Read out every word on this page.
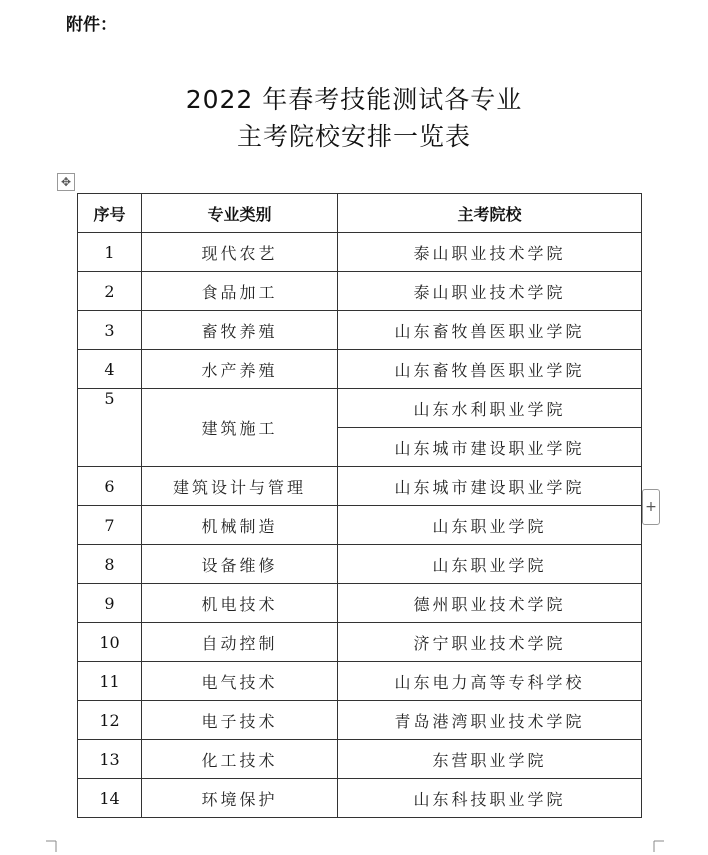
附件：
2022 年春考技能测试各专业
主考院校安排一览表
✥
+
序号	专业类别	主考院校
1	现代农艺	泰山职业技术学院
2	食品加工	泰山职业技术学院
3	畜牧养殖	山东畜牧兽医职业学院
4	水产养殖	山东畜牧兽医职业学院
5	建筑施工	山东水利职业学院
		山东城市建设职业学院
6	建筑设计与管理	山东城市建设职业学院
7	机械制造	山东职业学院
8	设备维修	山东职业学院
9	机电技术	德州职业技术学院
10	自动控制	济宁职业技术学院
11	电气技术	山东电力高等专科学校
12	电子技术	青岛港湾职业技术学院
13	化工技术	东营职业学院
14	环境保护	山东科技职业学院
